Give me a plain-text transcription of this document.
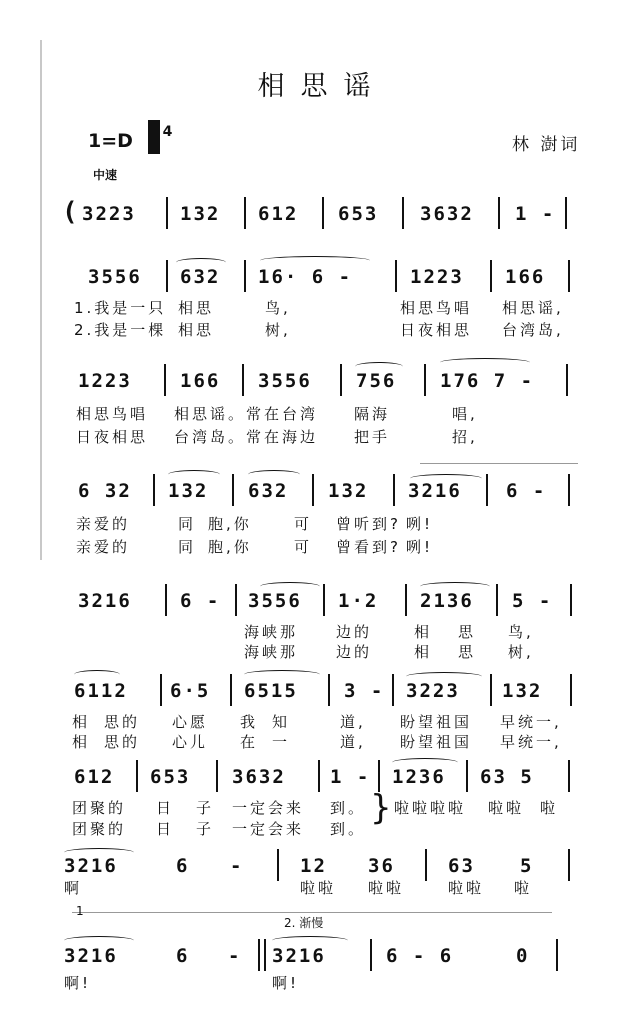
相思谣
1=D	4
林 澍词
中速
( 3223 132 612 653 3632 1 -
3556 632 16· 6 -	1223 166
1223	166 3556 756 176 7 -
6 32 132 632 132 3216 6 -
3216	6 - 3556 1·2 2136 5 -
6112 6·5 6515 3 - 3223 132
612 653 3632 1 - 1236 63 5
3216	6 -	12 36	63 5
3216	6 - 3216	6 - 6	0
1.我是一只 相思	鸟,	相思鸟唱 相思谣,
2.我是一棵 相思	树,	日夜相思 台湾岛,
相思鸟唱 相思谣。常在台湾 隔海	唱,
日夜相思 台湾岛。常在海边 把手	招,
亲爱的	同 胞,你	可 曾听到? 咧!
亲爱的	同 胞,你	可 曾看到? 咧!
海峡那	边的	相 思 鸟,
海峡那	边的	相 思 树,
相 思的 心愿 我 知	道, 盼望祖国 早统一,
相 思的 心儿 在 一	道, 盼望祖国 早统一,
团聚的 日 子 一定会来 到。 啦啦啦啦 啦啦 啦
团聚的 日 子 一定会来 到。
啊	啦啦 啦啦	啦啦 啦
啊!	啊!
1
2. 渐慢
}
